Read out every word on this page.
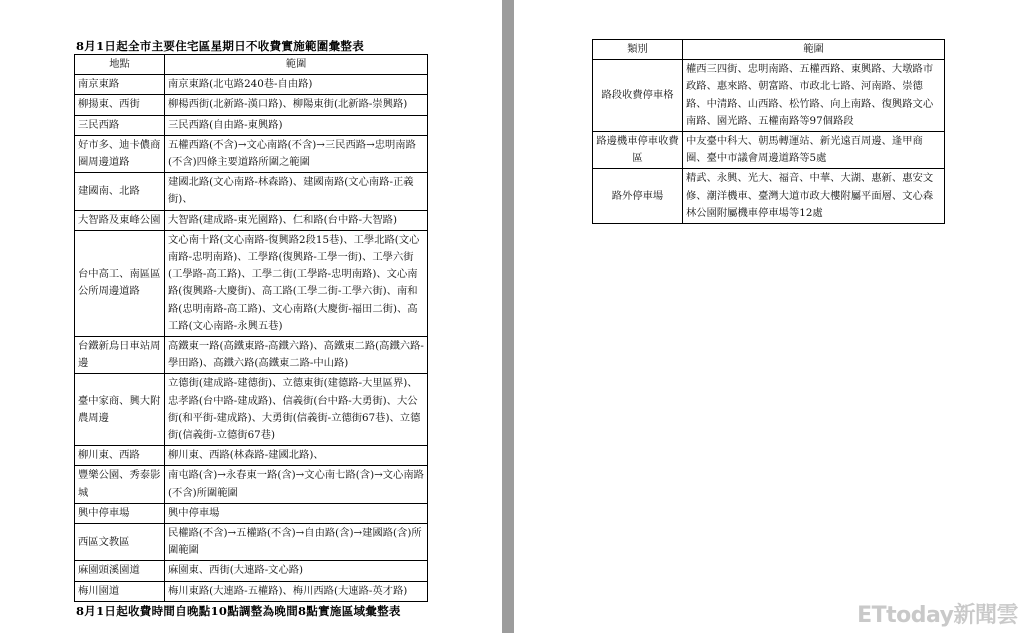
8月1日起全市主要住宅區星期日不收費實施範圍彙整表
地點	範圍
南京東路	南京東路(北屯路240巷-自由路)
柳揚東、西街	柳楊西街(北新路-漢口路)、柳陽東街(北新路-崇興路)
三民西路	三民西路(自由路-東興路)
好市多、迪卡儂商圈周邊道路	五權西路(不含)→文心南路(不含)→三民西路→忠明南路(不含)四條主要道路所圍之範圍
建國南、北路	建國北路(文心南路-林森路)、建國南路(文心南路-正義街)、
大智路及東峰公園	大智路(建成路-東光園路)、仁和路(台中路-大智路)
台中高工、南區區公所周邊道路	文心南十路(文心南路-復興路2段15巷)、工學北路(文心南路-忠明南路)、工學路(復興路-工學一街)、工學六街(工學路-高工路)、工學二街(工學路-忠明南路)、文心南路(復興路-大慶街)、高工路(工學二街-工學六街)、南和路(忠明南路-高工路)、文心南路(大慶街-福田二街)、高工路(文心南路-永興五巷)
台鐵新烏日車站周邊	高鐵東一路(高鐵東路-高鐵六路)、高鐵東二路(高鐵六路-學田路)、高鐵六路(高鐵東二路-中山路)
臺中家商、興大附農周邊	立德街(建成路-建德街)、立德東街(建德路-大里區界)、忠孝路(台中路-建成路)、信義街(台中路-大勇街)、大公街(和平街-建成路)、大勇街(信義街-立德街67巷)、立德街(信義街-立德街67巷)
柳川東、西路	柳川東、西路(林森路-建國北路)、
豐樂公園、秀泰影城	南屯路(含)→永春東一路(含)→文心南七路(含)→文心南路(不含)所圍範圍
興中停車場	興中停車場
西區文教區	民權路(不含)→五權路(不含)→自由路(含)→建國路(含)所圍範圍
麻園頭溪園道	麻園東、西街(大連路-文心路)
梅川園道	梅川東路(大連路-五權路)、梅川西路(大連路-英才路)
8月1日起收費時間自晚點10點調整為晚間8點實施區域彙整表
類別	範圍
路段收費停車格	權西三四街、忠明南路、五權西路、東興路、大墩路市政路、惠來路、朝富路、市政北七路、河南路、崇德路、中清路、山西路、松竹路、向上南路、復興路文心南路、園光路、五權南路等97個路段
路邊機車停車收費區	中友臺中科大、朝馬轉運站、新光遠百周邊、逢甲商圈、臺中市議會周邊道路等5處
路外停車場	精武、永興、光大、福音、中華、大湖、惠新、惠安文修、潮洋機車、臺灣大道市政大樓附屬平面層、文心森林公園附屬機車停車場等12處
ETtoday新聞雲
